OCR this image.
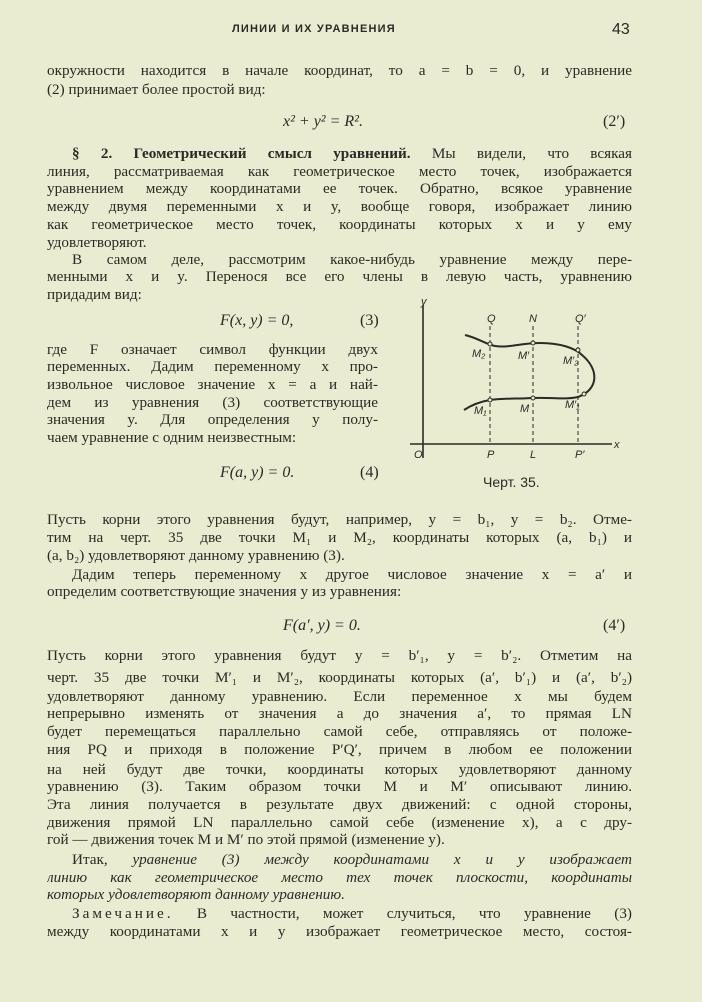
ЛИНИИ И ИХ УРАВНЕНИЯ	43
окружности находится в начале координат, то a = b = 0, и уравнение
(2) принимает более простой вид:
§ 2. Геометрический смысл уравнений. Мы видели, что всякая
линия, рассматриваемая как геометрическое место точек, изображается
уравнением между координатами ее точек. Обратно, всякое уравнение
между двумя переменными x и y, вообще говоря, изображает линию
как геометрическое место точек, координаты которых x и y ему
удовлетворяют.
В самом деле, рассмотрим какое-нибудь уравнение между пере-
менными x и y. Перенося все его члены в левую часть, уравнению
придадим вид:
где F означает символ функции двух
переменных. Дадим переменному x про-
извольное числовое значение x = a и най-
дем из уравнения (3) соответствующие
значения y. Для определения y полу-
чаем уравнение с одним неизвестным:
Пусть корни этого уравнения будут, например, y = b₁, y = b₂. Отме-
тим на черт. 35 две точки M₁ и M₂, координаты которых (a, b₁) и
(a, b₂) удовлетворяют данному уравнению (3).
Дадим теперь переменному x другое числовое значение x = a′ и
определим соответствующие значения y из уравнения:
Пусть корни этого уравнения будут y = b′₁, y = b′₂. Отметим на
черт. 35 две точки M′₁ и M′₂, координаты которых (a′, b′₁) и (a′, b′₂)
удовлетворяют данному уравнению. Если переменное x мы будем
непрерывно изменять от значения a до значения a′, то прямая LN
будет перемещаться параллельно самой себе, отправляясь от положе-
ния PQ и приходя в положение P′Q′, причем в любом ее положении
на ней будут две точки, координаты которых удовлетворяют данному
уравнению (3). Таким образом точки M и M′ описывают линию.
Эта линия получается в результате двух движений: с одной стороны,
движения прямой LN параллельно самой себе (изменение x), а с дру-
гой — движения точек M и M′ по этой прямой (изменение y).
Итак, уравнение (3) между координатами x и y изображает
линию как геометрическое место тех точек плоскости, координаты
которых удовлетворяют данному уравнению.
Замечание. В частности, может случиться, что уравнение (3)
между координатами x и y изображает геометрическое место, состоя-
x² + y² = R².	(2′)
F(x, y) = 0,	(3)
F(a, y) = 0.	(4)
F(a′, y) = 0.	(4′)
y
x
O
Q	N	Q′
P	L	P′
M₂	M′	M′₂
M₁	M	M′₁
Черт. 35.
